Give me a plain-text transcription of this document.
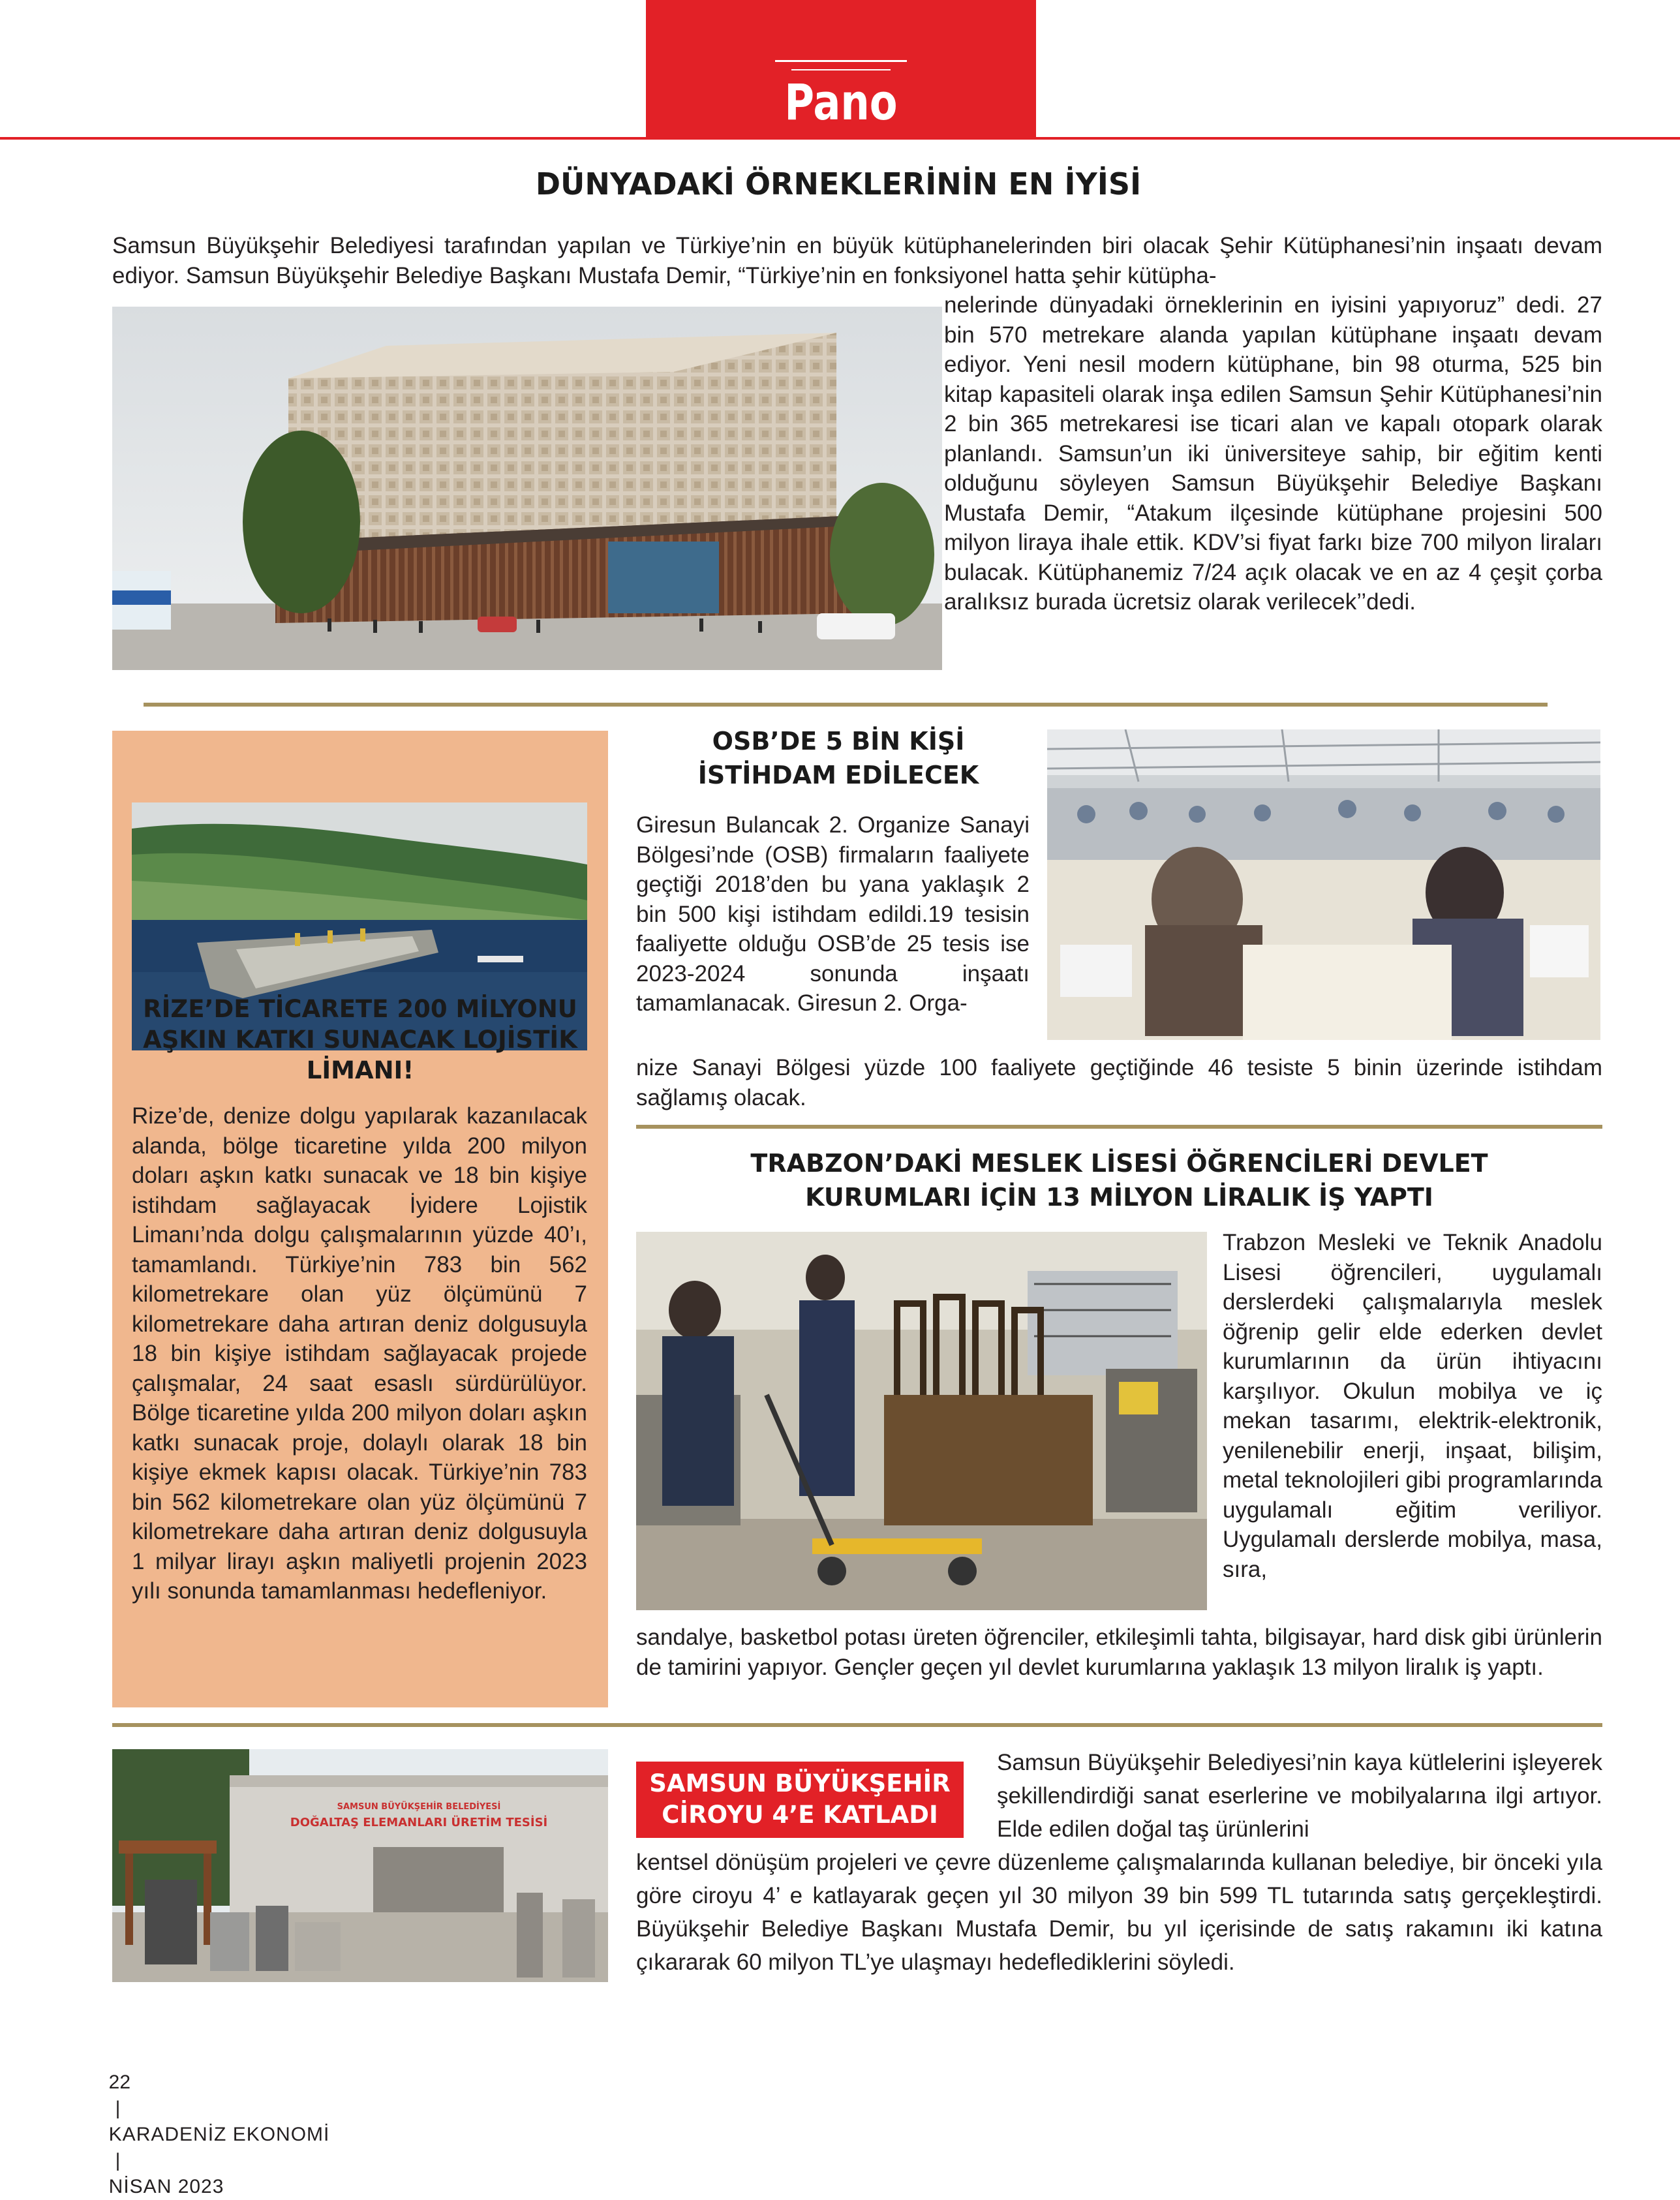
Pano
DÜNYADAKİ ÖRNEKLERİNİN EN İYİSİ
Samsun Büyükşehir Belediyesi tarafından yapılan ve Türkiye’nin en büyük kütüphanelerinden biri olacak Şehir Kütüphanesi’nin inşaatı devam ediyor. Samsun Büyükşehir Belediye Başkanı Mustafa Demir, “Türkiye’nin en fonksiyonel hatta şehir kütüpha-
nelerinde dünyadaki örneklerinin en iyisini yapıyoruz” dedi. 27 bin 570 metrekare alanda yapılan kütüphane inşaatı devam ediyor. Yeni nesil modern kütüphane, bin 98 oturma, 525 bin kitap kapasiteli olarak inşa edilen Samsun Şehir Kütüphanesi’nin 2 bin 365 metrekaresi ise ticari alan ve kapalı otopark olarak planlandı. Samsun’un iki üniversiteye sahip, bir eğitim kenti olduğunu söyleyen Samsun Büyükşehir Belediye Başkanı Mustafa Demir, “Atakum ilçesinde kütüphane projesini 500 milyon liraya ihale ettik. KDV’si fiyat farkı bize 700 milyon liraları bulacak. Kütüphanemiz 7/24 açık olacak ve en az 4 çeşit çorba aralıksız burada ücretsiz olarak verilecek’’dedi.
RİZE’DE TİCARETE 200 MİLYONU
AŞKIN KATKI SUNACAK LOJİSTİK
LİMANI!
Rize’de, denize dolgu yapılarak kazanılacak alanda, bölge ticaretine yılda 200 milyon doları aşkın katkı sunacak ve 18 bin kişiye istihdam sağlayacak İyidere Lojistik Limanı’nda dolgu çalışmalarının yüzde 40’ı, tamamlandı. Türkiye’nin 783 bin 562 kilometrekare olan yüz ölçümünü 7 kilometrekare daha artıran deniz dolgusuyla 18 bin kişiye istihdam sağlayacak projede çalışmalar, 24 saat esaslı sürdürülüyor. Bölge ticaretine yılda 200 milyon doları aşkın katkı sunacak proje, dolaylı olarak 18 bin kişiye ekmek kapısı olacak. Türkiye’nin 783 bin 562 kilometrekare olan yüz ölçümünü 7 kilometrekare daha artıran deniz dolgusuyla 1 milyar lirayı aşkın maliyetli projenin 2023 yılı sonunda tamamlanması hedefleniyor.
OSB’DE 5 BİN KİŞİ
İSTİHDAM EDİLECEK
Giresun Bulancak 2. Organize Sanayi Bölgesi’nde (OSB) firmaların faaliyete geçtiği 2018’den bu yana yaklaşık 2 bin 500 kişi istihdam edildi.19 tesisin faaliyette olduğu OSB’de 25 tesis ise 2023-2024 sonunda inşaatı tamamlanacak. Giresun 2. Orga-
nize Sanayi Bölgesi yüzde 100 faaliyete geçtiğinde 46 tesiste 5 binin üzerinde istihdam sağlamış olacak.
TRABZON’DAKİ MESLEK LİSESİ ÖĞRENCİLERİ DEVLET
KURUMLARI İÇİN 13 MİLYON LİRALIK İŞ YAPTI
Trabzon Mesleki ve Teknik Anadolu Lisesi öğrencileri, uygulamalı derslerdeki çalışmalarıyla meslek öğrenip gelir elde ederken devlet kurumlarının da ürün ihtiyacını karşılıyor. Okulun mobilya ve iç mekan tasarımı, elektrik-elektronik, yenilenebilir enerji, inşaat, bilişim, metal teknolojileri gibi programlarında uygulamalı eğitim veriliyor. Uygulamalı derslerde mobilya, masa, sıra,
sandalye, basketbol potası üreten öğrenciler, etkileşimli tahta, bilgisayar, hard disk gibi ürünlerin de tamirini yapıyor. Gençler geçen yıl devlet kurumlarına yaklaşık 13 milyon liralık iş yaptı.
SAMSUN BÜYÜKŞEHİR BELEDİYESİ
DOĞALTAŞ ELEMANLARI ÜRETİM TESİSİ
SAMSUN BÜYÜKŞEHİR
CİROYU 4’E KATLADI
Samsun Büyükşehir Belediyesi’nin kaya kütlelerini işleyerek şekillendirdiği sanat eserlerine ve mobilyalarına ilgi artıyor. Elde edilen doğal taş ürünlerini
kentsel dönüşüm projeleri ve çevre düzenleme çalışmalarında kullanan belediye, bir önceki yıla göre ciroyu 4’ e katlayarak geçen yıl 30 milyon 39 bin 599 TL tutarında satış gerçekleştirdi. Büyükşehir Belediye Başkanı Mustafa Demir, bu yıl içerisinde de satış rakamını iki katına çıkararak 60 milyon TL’ye ulaşmayı hedeflediklerini söyledi.

22
|
KARADENİZ EKONOMİ
|
NİSAN 2023
